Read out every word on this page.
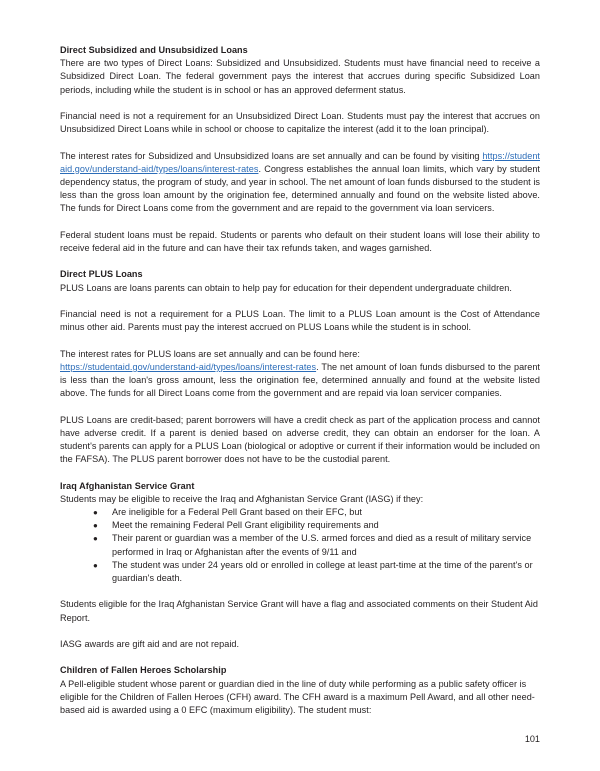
Direct Subsidized and Unsubsidized Loans

There are two types of Direct Loans: Subsidized and Unsubsidized. Students must have financial need to receive a Subsidized Direct Loan. The federal government pays the interest that accrues during specific Subsidized Loan periods, including while the student is in school or has an approved deferment status.

Financial need is not a requirement for an Unsubsidized Direct Loan. Students must pay the interest that accrues on Unsubsidized Direct Loans while in school or choose to capitalize the interest (add it to the loan principal).

The interest rates for Subsidized and Unsubsidized loans are set annually and can be found by visiting https://studentaid.gov/understand-aid/types/loans/interest-rates. Congress establishes the annual loan limits, which vary by student dependency status, the program of study, and year in school. The net amount of loan funds disbursed to the student is less than the gross loan amount by the origination fee, determined annually and found on the website listed above. The funds for Direct Loans come from the government and are repaid to the government via loan servicers.

Federal student loans must be repaid. Students or parents who default on their student loans will lose their ability to receive federal aid in the future and can have their tax refunds taken, and wages garnished.

Direct PLUS Loans

PLUS Loans are loans parents can obtain to help pay for education for their dependent undergraduate children.

Financial need is not a requirement for a PLUS Loan. The limit to a PLUS Loan amount is the Cost of Attendance minus other aid. Parents must pay the interest accrued on PLUS Loans while the student is in school.

The interest rates for PLUS loans are set annually and can be found here:

https://studentaid.gov/understand-aid/types/loans/interest-rates. The net amount of loan funds disbursed to the parent is less than the loan's gross amount, less the origination fee, determined annually and found at the website listed above. The funds for all Direct Loans come from the government and are repaid via loan servicer companies.

PLUS Loans are credit-based; parent borrowers will have a credit check as part of the application process and cannot have adverse credit. If a parent is denied based on adverse credit, they can obtain an endorser for the loan. A student's parents can apply for a PLUS Loan (biological or adoptive or current if their information would be included on the FAFSA). The PLUS parent borrower does not have to be the custodial parent.

Iraq Afghanistan Service Grant

Students may be eligible to receive the Iraq and Afghanistan Service Grant (IASG) if they:

● Are ineligible for a Federal Pell Grant based on their EFC, but
● Meet the remaining Federal Pell Grant eligibility requirements and
● Their parent or guardian was a member of the U.S. armed forces and died as a result of military service performed in Iraq or Afghanistan after the events of 9/11 and
● The student was under 24 years old or enrolled in college at least part-time at the time of the parent's or guardian's death.

Students eligible for the Iraq Afghanistan Service Grant will have a flag and associated comments on their Student Aid Report.

IASG awards are gift aid and are not repaid.

Children of Fallen Heroes Scholarship

A Pell-eligible student whose parent or guardian died in the line of duty while performing as a public safety officer is eligible for the Children of Fallen Heroes (CFH) award. The CFH award is a maximum Pell Award, and all other need-based aid is awarded using a 0 EFC (maximum eligibility). The student must:

101
